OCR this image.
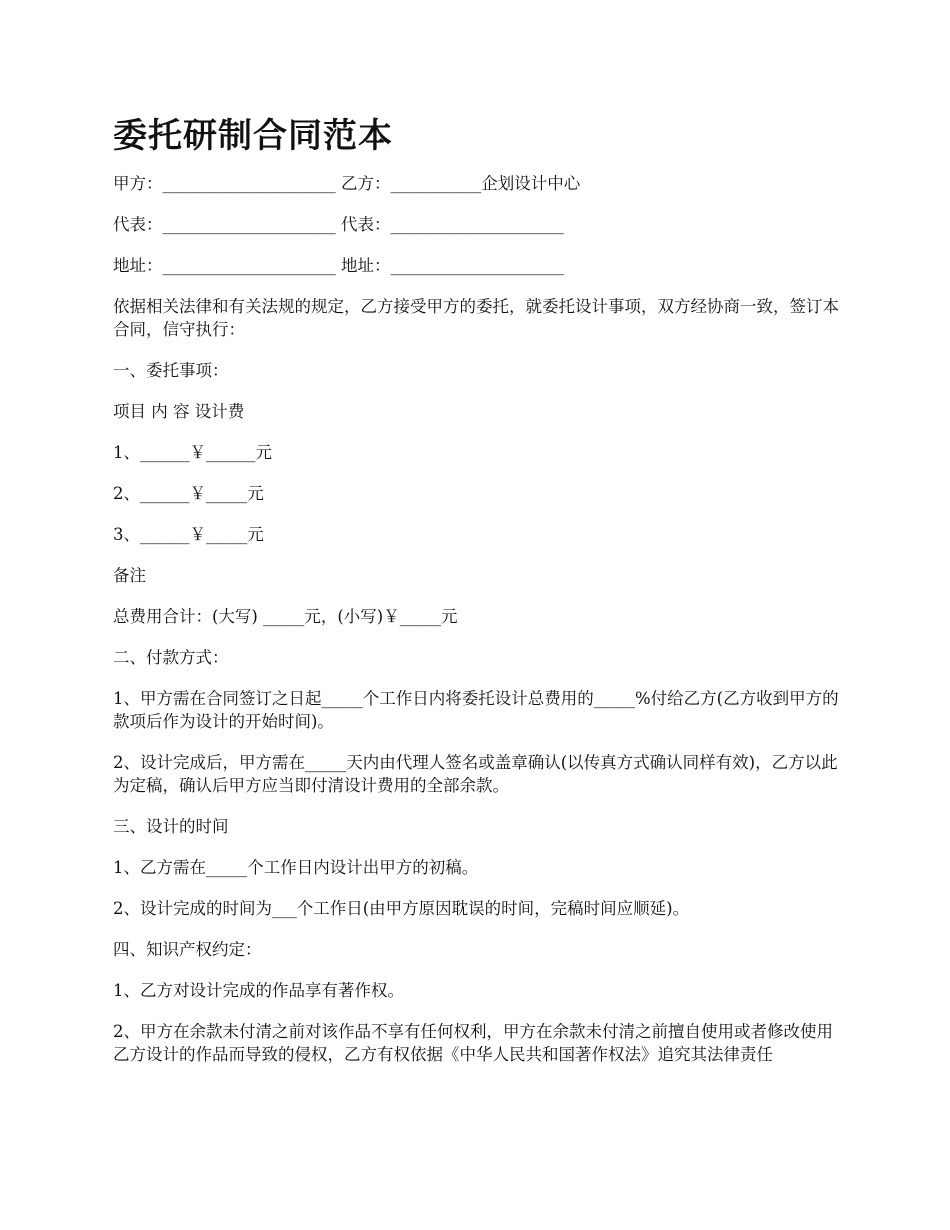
委托研制合同范本

甲方：_____________________ 乙方：___________企划设计中心

代表：_____________________ 代表：_____________________

地址：_____________________ 地址：_____________________

依据相关法律和有关法规的规定，乙方接受甲方的委托，就委托设计事项，双方经协商一致，签订本合同，信守执行：

一、委托事项：

项目 内 容 设计费

1、______￥______元

2、______￥_____元

3、______￥_____元

备注

总费用合计：(大写) _____元，(小写)￥_____元

二、付款方式：

1、甲方需在合同签订之日起_____个工作日内将委托设计总费用的_____%付给乙方(乙方收到甲方的款项后作为设计的开始时间)。

2、设计完成后，甲方需在_____天内由代理人签名或盖章确认(以传真方式确认同样有效)，乙方以此为定稿，确认后甲方应当即付清设计费用的全部余款。

三、设计的时间

1、乙方需在_____个工作日内设计出甲方的初稿。

2、设计完成的时间为___个工作日(由甲方原因耽误的时间，完稿时间应顺延)。

四、知识产权约定：

1、乙方对设计完成的作品享有著作权。

2、甲方在余款未付清之前对该作品不享有任何权利，甲方在余款未付清之前擅自使用或者修改使用乙方设计的作品而导致的侵权，乙方有权依据《中华人民共和国著作权法》追究其法律责任
